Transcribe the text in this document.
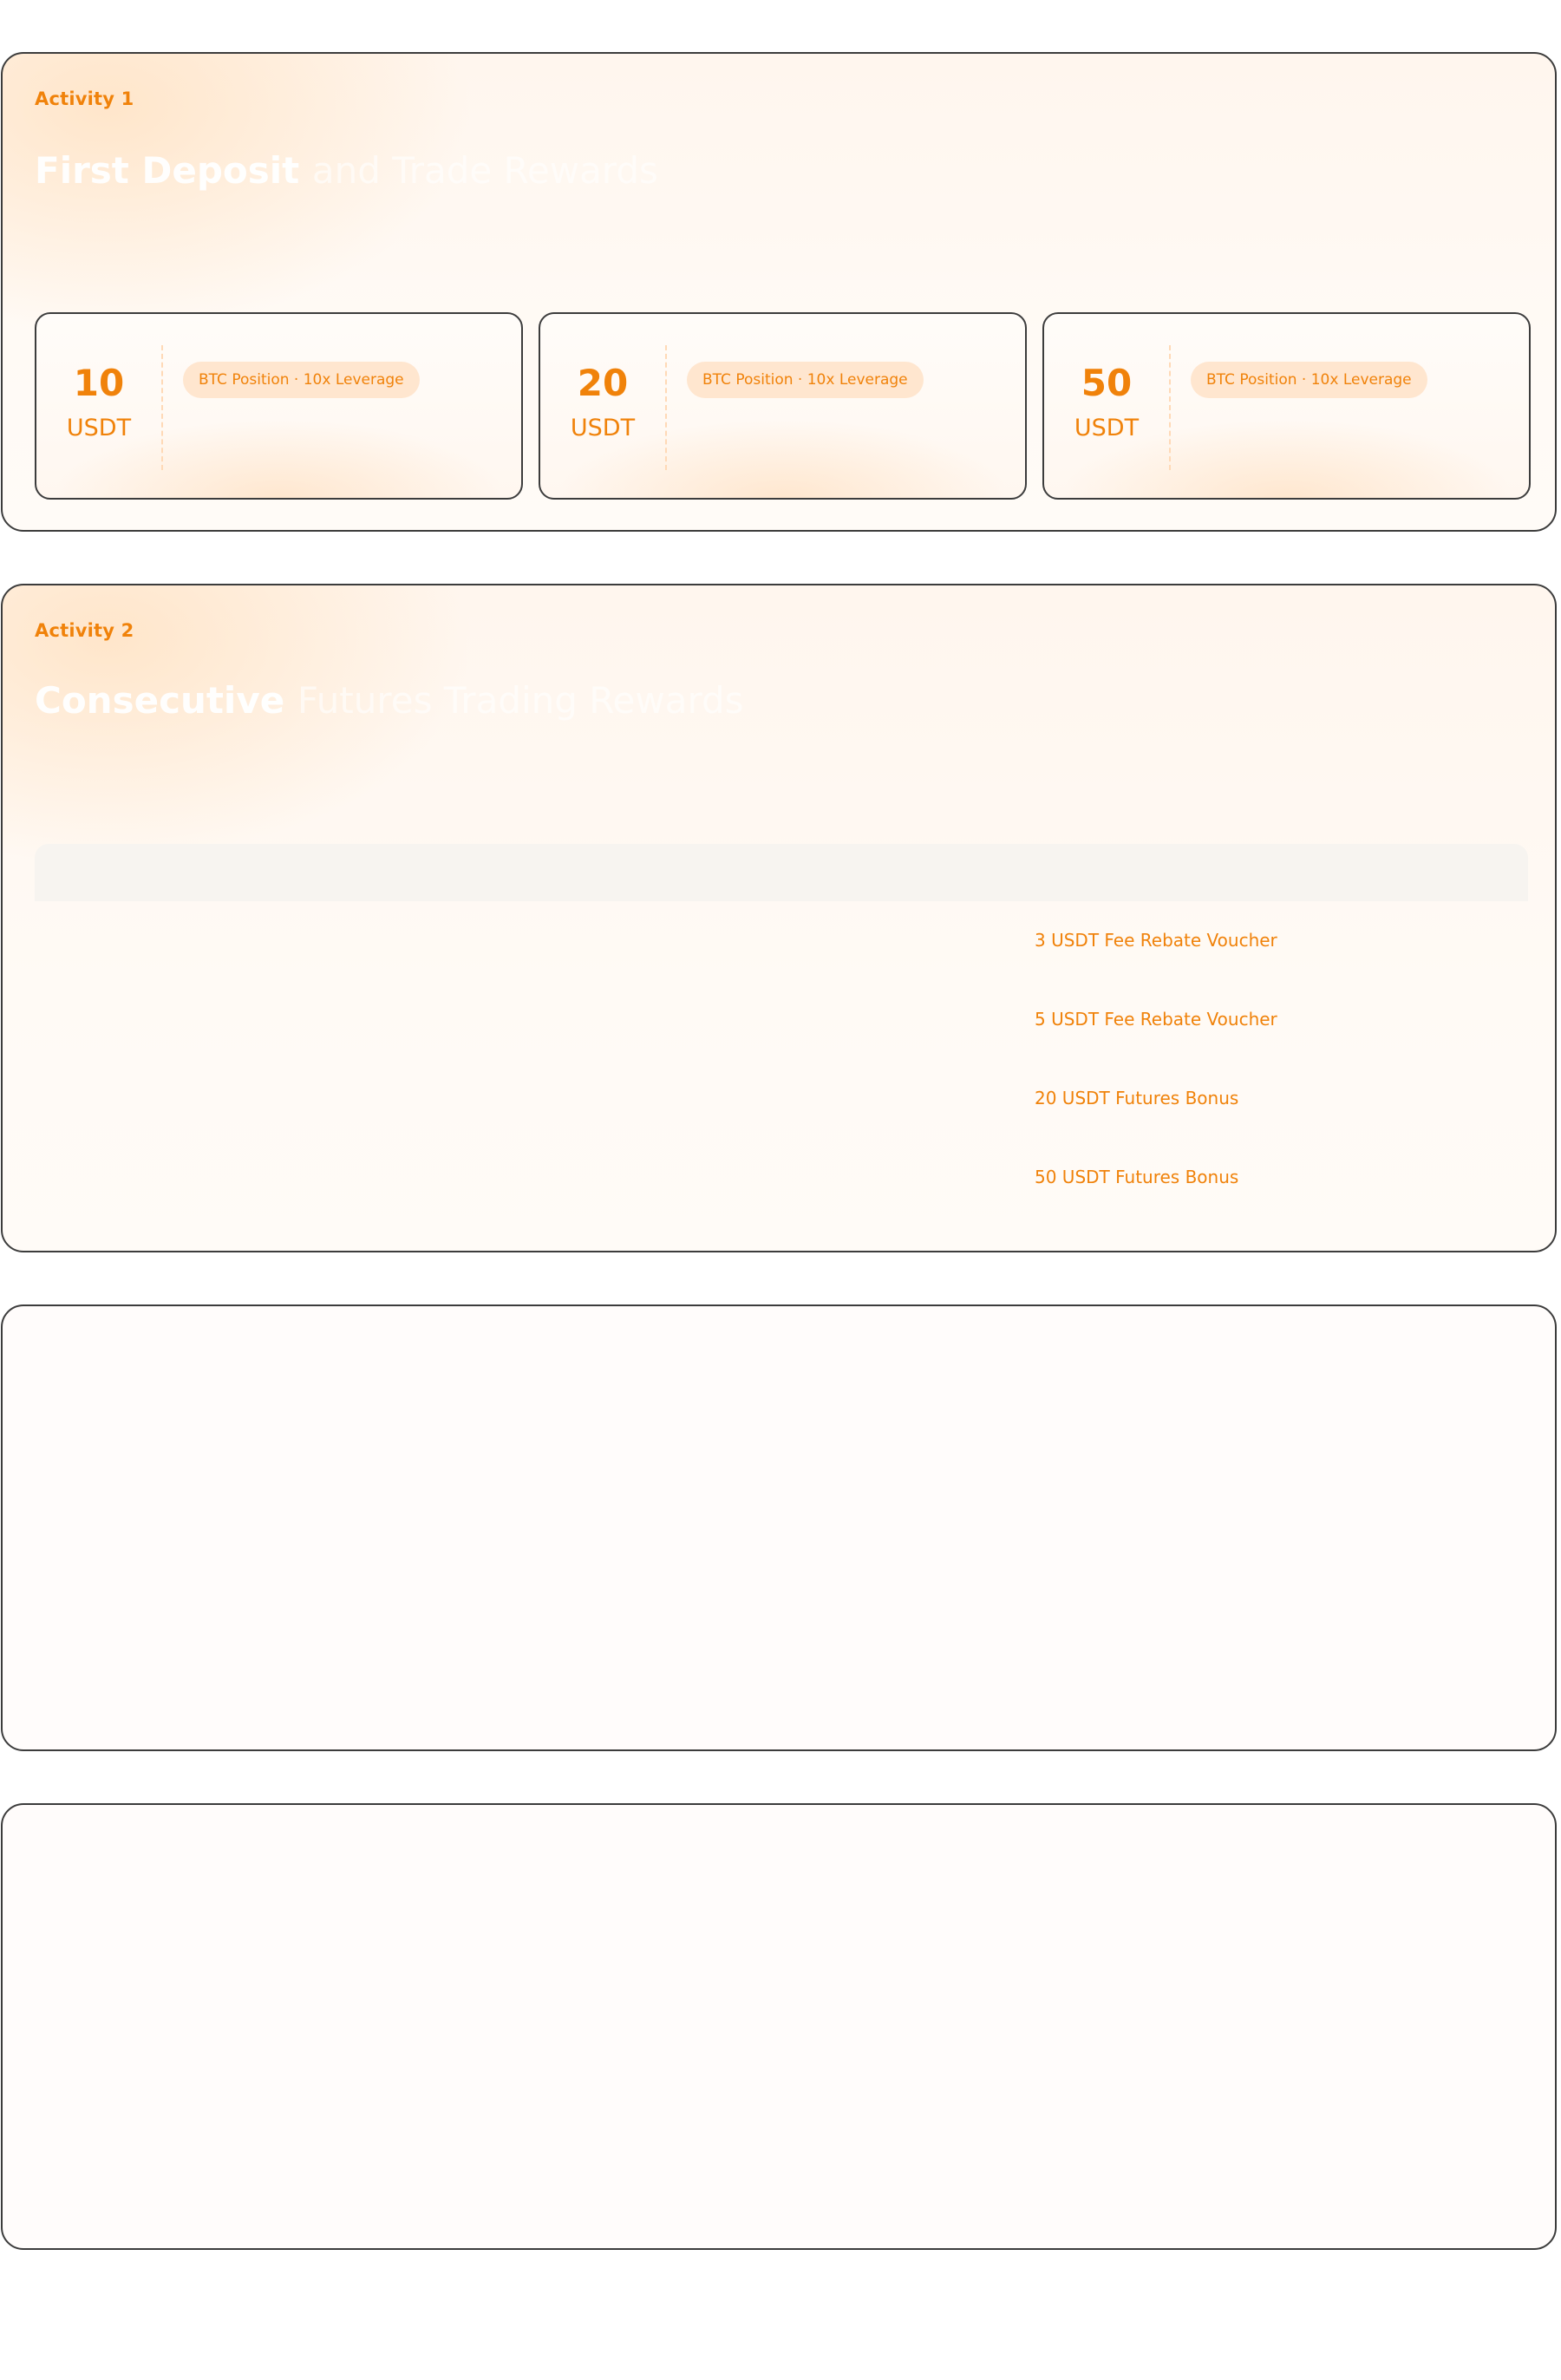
Activity 1
First Deposit and Trade Rewards
10
USDT
BTC Position · 10x Leverage	20
USDT
BTC Position · 10x Leverage	50
USDT
BTC Position · 10x Leverage
Activity 2
Consecutive Futures Trading Rewards
3 USDT Fee Rebate Voucher
5 USDT Fee Rebate Voucher
20 USDT Futures Bonus
50 USDT Futures Bonus
